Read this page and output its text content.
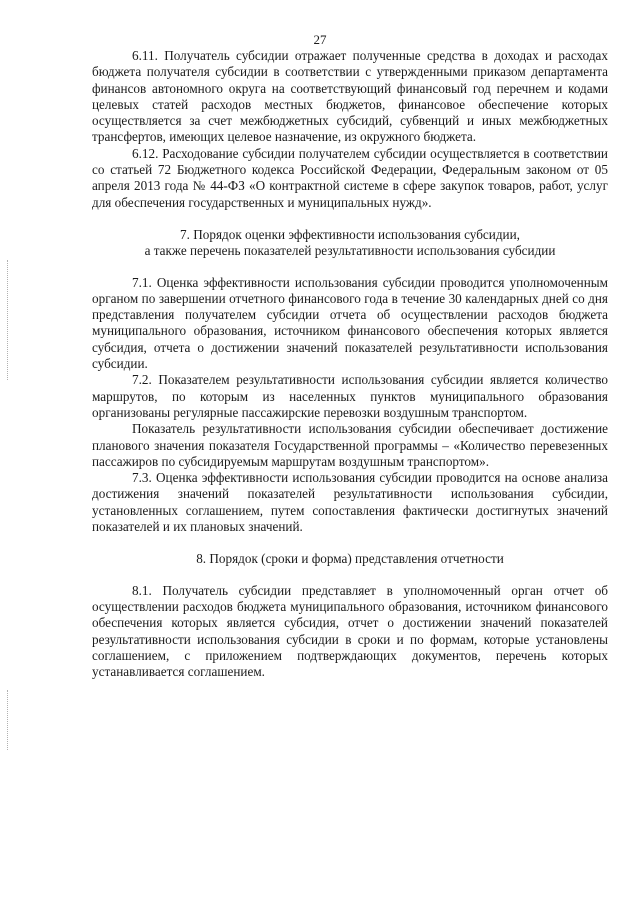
27

6.11. Получатель субсидии отражает полученные средства в доходах и расходах бюджета получателя субсидии в соответствии с утвержденными приказом департамента финансов автономного округа на соответствующий финансовый год перечнем и кодами целевых статей расходов местных бюджетов, финансовое обеспечение которых осуществляется за счет межбюджетных субсидий, субвенций и иных межбюджетных трансфертов, имеющих целевое назначение, из окружного бюджета.

6.12. Расходование субсидии получателем субсидии осуществляется в соответствии со статьей 72 Бюджетного кодекса Российской Федерации, Федеральным законом от 05 апреля 2013 года № 44-ФЗ «О контрактной системе в сфере закупок товаров, работ, услуг для обеспечения государственных и муниципальных нужд».

7. Порядок оценки эффективности использования субсидии,
а также перечень показателей результативности использования субсидии

7.1. Оценка эффективности использования субсидии проводится уполномоченным органом по завершении отчетного финансового года в течение 30 календарных дней со дня представления получателем субсидии отчета об осуществлении расходов бюджета муниципального образования, источником финансового обеспечения которых является субсидия, отчета о достижении значений показателей результативности использования субсидии.

7.2. Показателем результативности использования субсидии является количество маршрутов, по которым из населенных пунктов муниципального образования организованы регулярные пассажирские перевозки воздушным транспортом.

Показатель результативности использования субсидии обеспечивает достижение планового значения показателя Государственной программы – «Количество перевезенных пассажиров по субсидируемым маршрутам воздушным транспортом».

7.3. Оценка эффективности использования субсидии проводится на основе анализа достижения значений показателей результативности использования субсидии, установленных соглашением, путем сопоставления фактически достигнутых значений показателей и их плановых значений.

8. Порядок (сроки и форма) представления отчетности

8.1. Получатель субсидии представляет в уполномоченный орган отчет об осуществлении расходов бюджета муниципального образования, источником финансового обеспечения которых является субсидия, отчет о достижении значений показателей результативности использования субсидии в сроки и по формам, которые установлены соглашением, с приложением подтверждающих документов, перечень которых устанавливается соглашением.
